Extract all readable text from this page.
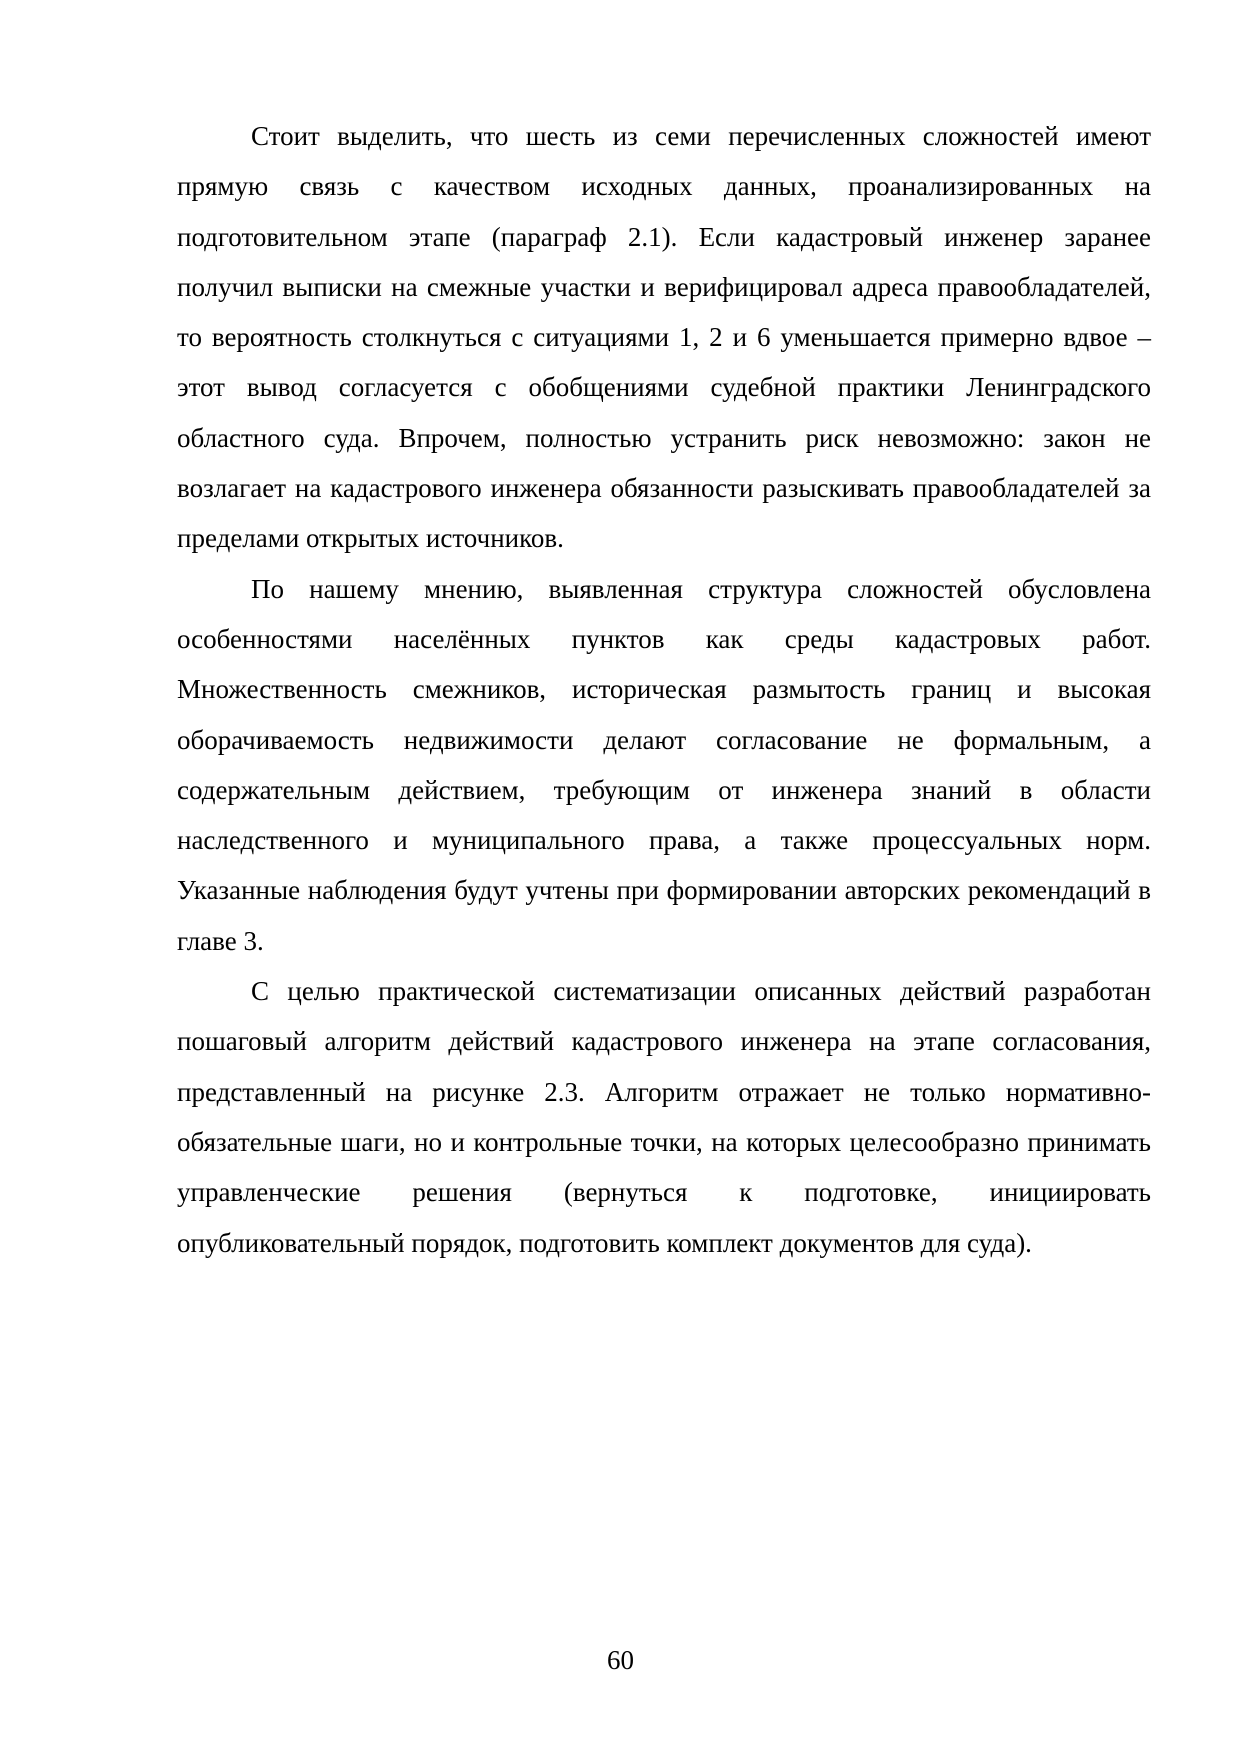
Стоит выделить, что шесть из семи перечисленных сложностей имеют прямую связь с качеством исходных данных, проанализированных на подготовительном этапе (параграф 2.1). Если кадастровый инженер заранее получил выписки на смежные участки и верифицировал адреса правообладателей, то вероятность столкнуться с ситуациями 1, 2 и 6 уменьшается примерно вдвое – этот вывод согласуется с обобщениями судебной практики Ленинградского областного суда. Впрочем, полностью устранить риск невозможно: закон не возлагает на кадастрового инженера обязанности разыскивать правообладателей за пределами открытых источников.

По нашему мнению, выявленная структура сложностей обусловлена особенностями населённых пунктов как среды кадастровых работ. Множественность смежников, историческая размытость границ и высокая оборачиваемость недвижимости делают согласование не формальным, а содержательным действием, требующим от инженера знаний в области наследственного и муниципального права, а также процессуальных норм. Указанные наблюдения будут учтены при формировании авторских рекомендаций в главе 3.

С целью практической систематизации описанных действий разработан пошаговый алгоритм действий кадастрового инженера на этапе согласования, представленный на рисунке 2.3. Алгоритм отражает не только нормативно-обязательные шаги, но и контрольные точки, на которых целесообразно принимать управленческие решения (вернуться к подготовке, инициировать опубликовательный порядок, подготовить комплект документов для суда).

60
